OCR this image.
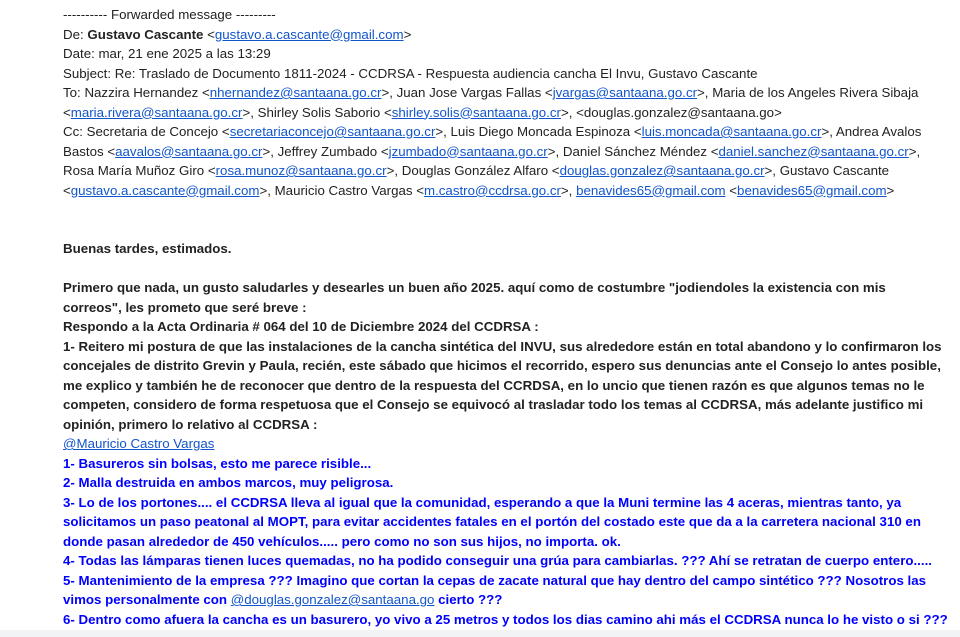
---------- Forwarded message ---------
De: Gustavo Cascante <gustavo.a.cascante@gmail.com>
Date: mar, 21 ene 2025 a las 13:29
Subject: Re: Traslado de Documento 1811-2024 - CCDRSA - Respuesta audiencia cancha El Invu, Gustavo Cascante
To: Nazzira Hernandez <nhernandez@santaana.go.cr>, Juan Jose Vargas Fallas <jvargas@santaana.go.cr>, Maria de los Angeles Rivera Sibaja <maria.rivera@santaana.go.cr>, Shirley Solis Saborio <shirley.solis@santaana.go.cr>, <douglas.gonzalez@santaana.go>
Cc: Secretaria de Concejo <secretariaconcejo@santaana.go.cr>, Luis Diego Moncada Espinoza <luis.moncada@santaana.go.cr>, Andrea Avalos Bastos <aavalos@santaana.go.cr>, Jeffrey Zumbado <jzumbado@santaana.go.cr>, Daniel Sánchez Méndez <daniel.sanchez@santaana.go.cr>, Rosa María Muñoz Giro <rosa.munoz@santaana.go.cr>, Douglas González Alfaro <douglas.gonzalez@santaana.go.cr>, Gustavo Cascante <gustavo.a.cascante@gmail.com>, Mauricio Castro Vargas <m.castro@ccdrsa.go.cr>, benavides65@gmail.com <benavides65@gmail.com>
Buenas tardes, estimados.
Primero que nada, un gusto saludarles y desearles un buen año 2025. aquí como de costumbre "jodiendoles la existencia con mis correos", les prometo que seré breve :
Respondo a la Acta Ordinaria # 064 del 10 de Diciembre 2024 del CCDRSA :
1- Reitero mi postura de que las instalaciones de la cancha sintética del INVU, sus alrededore están en total abandono y lo confirmaron los concejales de distrito Grevin y Paula, recién, este sábado que hicimos el recorrido, espero sus denuncias ante el Consejo lo antes posible, me explico y también he de reconocer que dentro de la respuesta del CCRDSA, en lo uncio que tienen razón es que algunos temas no le competen, considero de forma respetuosa que el Consejo se equivocó al trasladar todo los temas al CCDRSA, más adelante justifico mi opinión, primero lo relativo al CCDRSA :
@Mauricio Castro Vargas
1- Basureros sin bolsas, esto me parece risible...
2- Malla destruida en ambos marcos, muy peligrosa.
3- Lo de los portones.... el CCDRSA lleva al igual que la comunidad, esperando a que la Muni termine las 4 aceras, mientras tanto, ya solicitamos un paso peatonal al MOPT, para evitar accidentes fatales en el portón del costado este que da a la carretera nacional 310 en donde pasan alrededor de 450 vehículos..... pero como no son sus hijos, no importa. ok.
4- Todas las lámparas tienen luces quemadas, no ha podido conseguir una grúa para cambiarlas. ??? Ahí se retratan de cuerpo entero.....
5- Mantenimiento de la empresa ??? Imagino que cortan la cepas de zacate natural que hay dentro del campo sintético ??? Nosotros las vimos personalmente con @douglas.gonzalez@santaana.go cierto ???
6- Dentro como afuera la cancha es un basurero, yo vivo a 25 metros y todos los dias camino ahi más el CCDRSA nunca lo he visto o si ???
